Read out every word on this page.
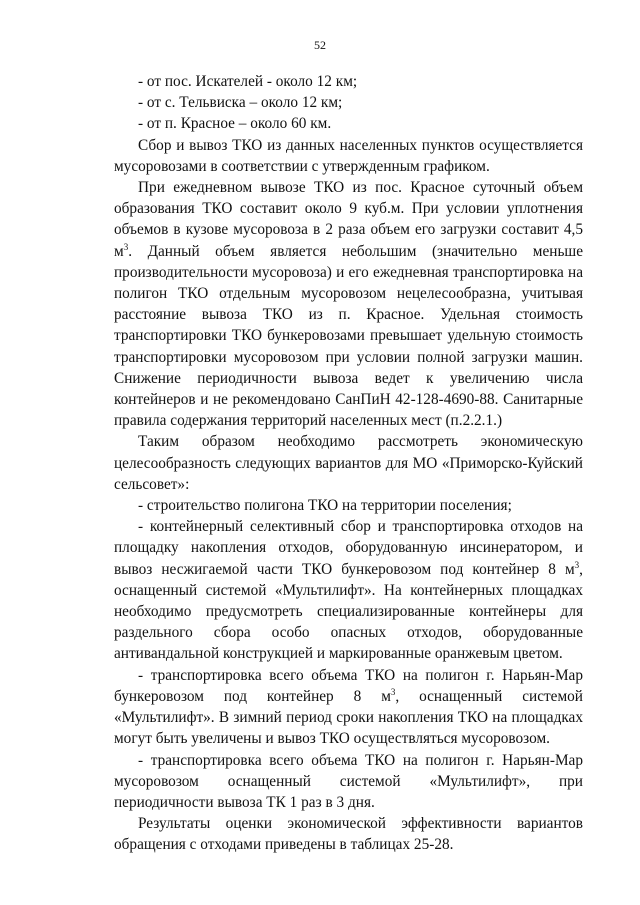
52

- от пос. Искателей - около 12 км;

- от с. Тельвиска – около 12 км;

- от п. Красное – около 60 км.

Сбор и вывоз ТКО из данных населенных пунктов осуществляется мусоровозами в соответствии с утвержденным графиком.

При ежедневном вывозе ТКО из пос. Красное суточный объем образования ТКО составит около 9 куб.м. При условии уплотнения объемов в кузове мусоровоза в 2 раза объем его загрузки составит 4,5 $м^3$. Данный объем является небольшим (значительно меньше производительности мусоровоза) и его ежедневная транспортировка на полигон ТКО отдельным мусоровозом нецелесообразна, учитывая расстояние вывоза ТКО из п. Красное. Удельная стоимость транспортировки ТКО бункеровозами превышает удельную стоимость транспортировки мусоровозом при условии полной загрузки машин. Снижение периодичности вывоза ведет к увеличению числа контейнеров и не рекомендовано СанПиН 42-128-4690-88. Санитарные правила содержания территорий населенных мест (п.2.2.1.)

Таким образом необходимо рассмотреть экономическую целесообразность следующих вариантов для МО «Приморско-Куйский сельсовет»:

- строительство полигона ТКО на территории поселения;

- контейнерный селективный сбор и транспортировка отходов на площадку накопления отходов, оборудованную инсинератором, и вывоз несжигаемой части ТКО бункеровозом под контейнер 8 $м^3$, оснащенный системой «Мультилифт». На контейнерных площадках необходимо предусмотреть специализированные контейнеры для раздельного сбора особо опасных отходов, оборудованные антивандальной конструкцией и маркированные оранжевым цветом.

- транспортировка всего объема ТКО на полигон г. Нарьян-Мар бункеровозом под контейнер 8 $м^3$, оснащенный системой «Мультилифт». В зимний период сроки накопления ТКО на площадках могут быть увеличены и вывоз ТКО осуществляться мусоровозом.

- транспортировка всего объема ТКО на полигон г. Нарьян-Мар мусоровозом оснащенный системой «Мультилифт», при периодичности вывоза ТК 1 раз в 3 дня.

Результаты оценки экономической эффективности вариантов обращения с отходами приведены в таблицах 25-28.
